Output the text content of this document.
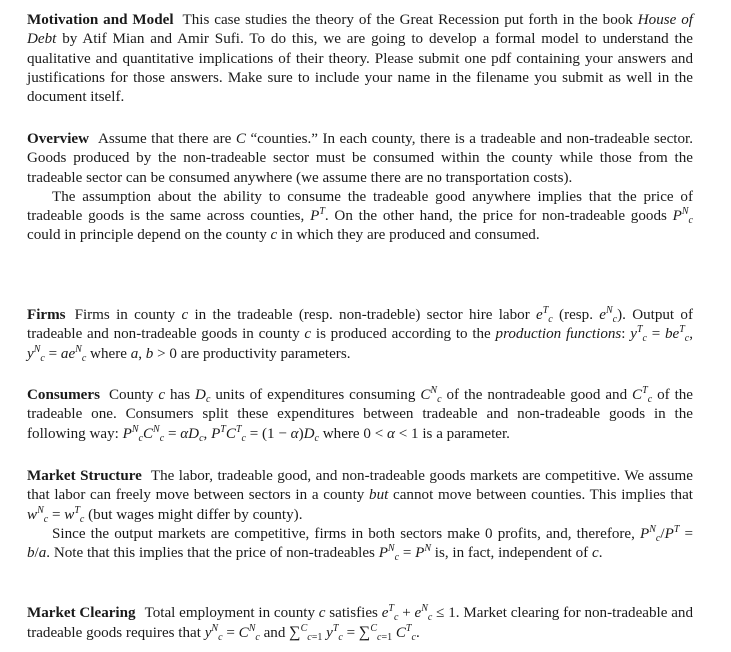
Motivation and Model This case studies the theory of the Great Recession put forth in the book House of Debt by Atif Mian and Amir Sufi. To do this, we are going to develop a formal model to understand the qualitative and quantitative implications of their theory. Please submit one pdf containing your answers and justifications for those answers. Make sure to include your name in the filename you submit as well in the document itself.

Overview Assume that there are C “counties.” In each county, there is a tradeable and non-tradeable sector. Goods produced by the non-tradeable sector must be consumed within the county while those from the tradeable sector can be consumed anywhere (we assume there are no transportation costs).

The assumption about the ability to consume the tradeable good anywhere implies that the price of tradeable goods is the same across counties, $P^T$. On the other hand, the price for non-tradeable goods $P^N_c$ could in principle depend on the county c in which they are produced and consumed.

Firms Firms in county c in the tradeable (resp. non-tradeble) sector hire labor $e^T_c$ (resp. $e^N_c$). Output of tradeable and non-tradeable goods in county c is produced according to the production functions: $y^T_c = be^T_c$, $y^N_c = ae^N_c$ where a, b > 0 are productivity parameters.

Consumers County c has $D_c$ units of expenditures consuming $C^N_c$ of the nontradeable good and $C^T_c$ of the tradeable one. Consumers split these expenditures between tradeable and non-tradeable goods in the following way: $P^N_cC^N_c = \alpha D_c$, $P^TC^T_c = (1 - \alpha)D_c$ where 0 < α < 1 is a parameter.

Market Structure The labor, tradeable good, and non-tradeable goods markets are competitive. We assume that labor can freely move between sectors in a county but cannot move between counties. This implies that $w^N_c = w^T_c$ (but wages might differ by county).

Since the output markets are competitive, firms in both sectors make 0 profits, and, therefore, $P^N_c/P^T = b/a$. Note that this implies that the price of non-tradeables $P^N_c = P^N$ is, in fact, independent of c.

Market Clearing Total employment in county c satisfies $e^T_c + e^N_c \le 1$. Market clearing for non-tradeable and tradeable goods requires that $y^N_c = C^N_c$ and ∑$^C_{c=1}$ $y^T_c = \sum^C_{c=1}$ $C^T_c$.
